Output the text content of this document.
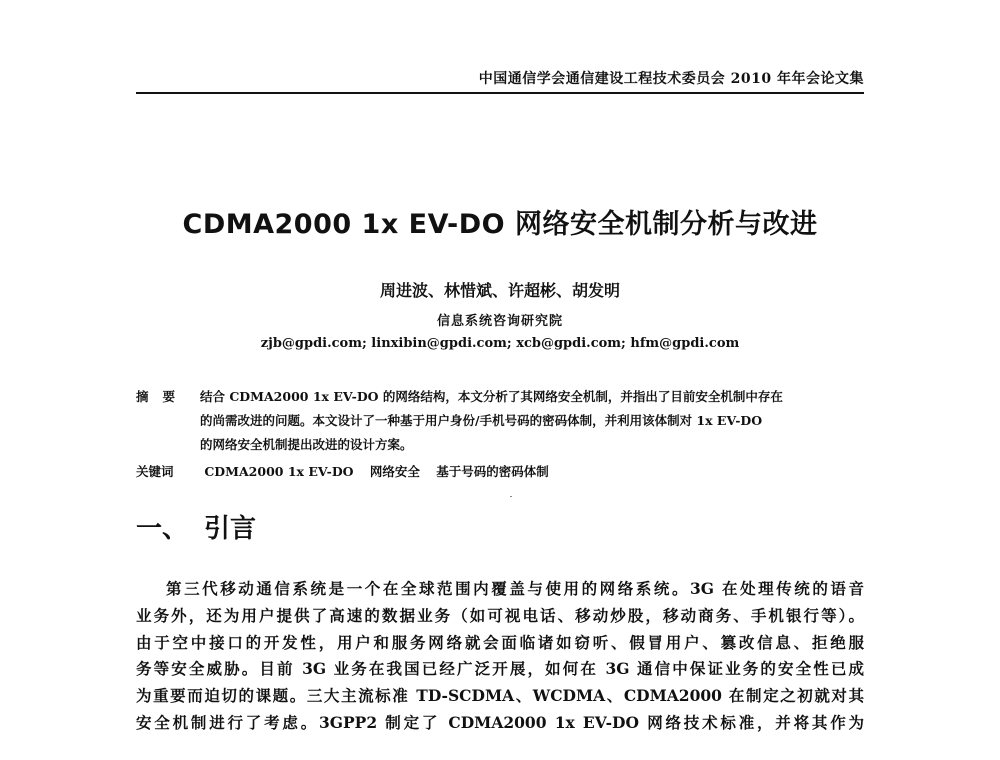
中国通信学会通信建设工程技术委员会 2010 年年会论文集
CDMA2000 1x EV-DO 网络安全机制分析与改进
周进波、林惜斌、许超彬、胡发明
信息系统咨询研究院
zjb@gpdi.com; linxibin@gpdi.com; xcb@gpdi.com; hfm@gpdi.com
摘要 结合 CDMA2000 1x EV-DO 的网络结构，本文分析了其网络安全机制，并指出了目前安全机制中存在
的尚需改进的问题。本文设计了一种基于用户身份/手机号码的密码体制，并利用该体制对 1x EV-DO
的网络安全机制提出改进的设计方案。
关键词 CDMA2000 1x EV-DO 网络安全 基于号码的密码体制
一、 引言
第三代移动通信系统是一个在全球范围内覆盖与使用的网络系统。3G 在处理传统的语音
业务外，还为用户提供了高速的数据业务（如可视电话、移动炒股，移动商务、手机银行等）。
由于空中接口的开发性，用户和服务网络就会面临诸如窃听、假冒用户、篡改信息、拒绝服
务等安全威胁。目前 3G 业务在我国已经广泛开展，如何在 3G 通信中保证业务的安全性已成
为重要而迫切的课题。三大主流标准 TD-SCDMA、WCDMA、CDMA2000 在制定之初就对其
安全机制进行了考虑。3GPP2 制定了 CDMA2000 1x EV-DO 网络技术标准，并将其作为
